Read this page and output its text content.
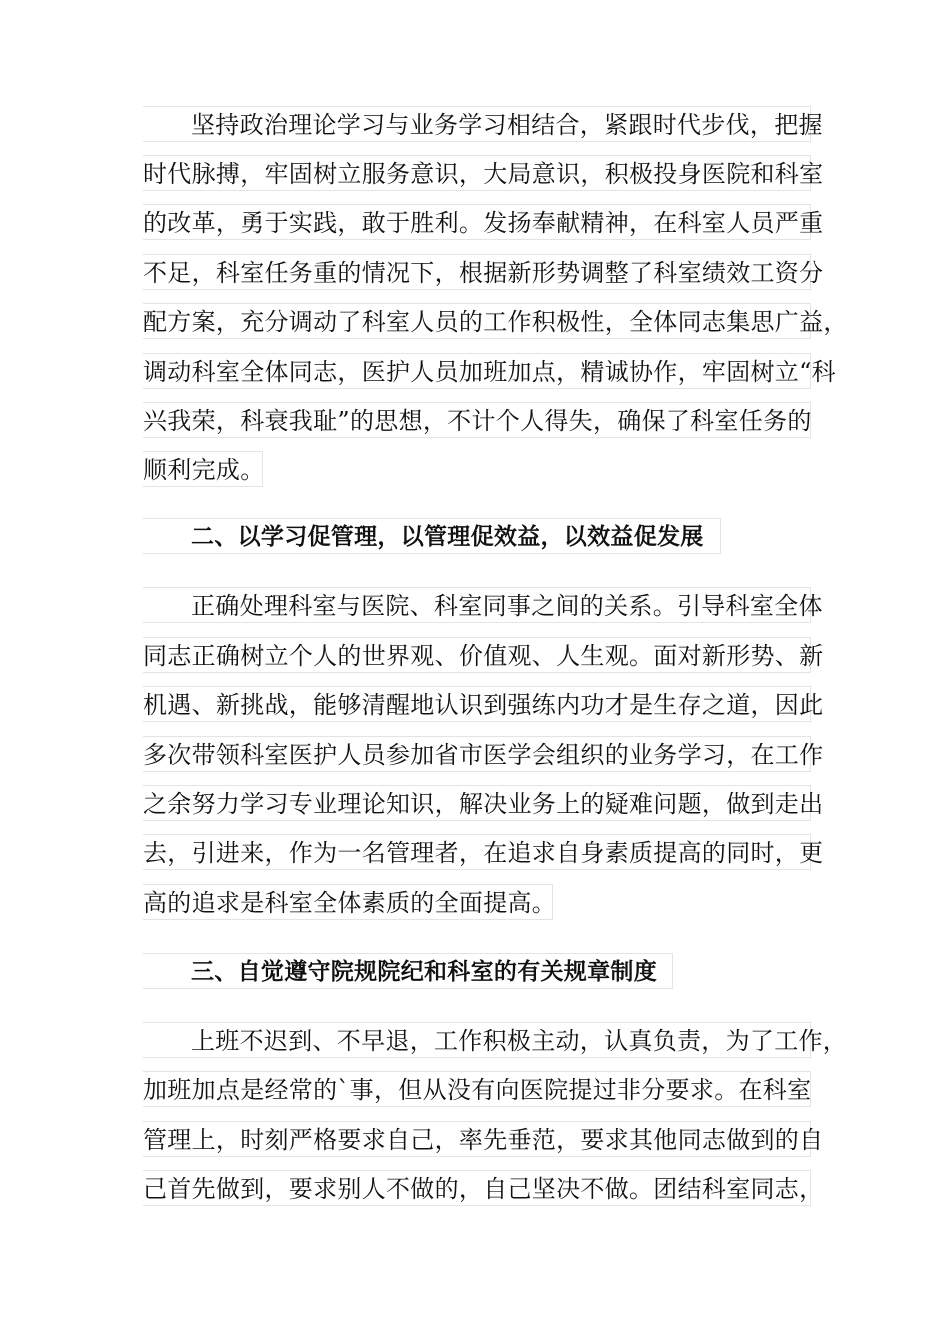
坚持政治理论学习与业务学习相结合，紧跟时代步伐，把握
时代脉搏，牢固树立服务意识，大局意识，积极投身医院和科室
的改革，勇于实践，敢于胜利。发扬奉献精神，在科室人员严重
不足，科室任务重的情况下，根据新形势调整了科室绩效工资分
配方案，充分调动了科室人员的工作积极性，全体同志集思广益，
调动科室全体同志，医护人员加班加点，精诚协作，牢固树立“科
兴我荣，科衰我耻”的思想，不计个人得失，确保了科室任务的
顺利完成。
二、以学习促管理，以管理促效益，以效益促发展
正确处理科室与医院、科室同事之间的关系。引导科室全体
同志正确树立个人的世界观、价值观、人生观。面对新形势、新
机遇、新挑战，能够清醒地认识到强练内功才是生存之道，因此
多次带领科室医护人员参加省市医学会组织的业务学习，在工作
之余努力学习专业理论知识，解决业务上的疑难问题，做到走出
去，引进来，作为一名管理者，在追求自身素质提高的同时，更
高的追求是科室全体素质的全面提高。
三、自觉遵守院规院纪和科室的有关规章制度
上班不迟到、不早退，工作积极主动，认真负责，为了工作，
加班加点是经常的`事，但从没有向医院提过非分要求。在科室
管理上，时刻严格要求自己，率先垂范，要求其他同志做到的自
己首先做到，要求别人不做的，自己坚决不做。团结科室同志，
